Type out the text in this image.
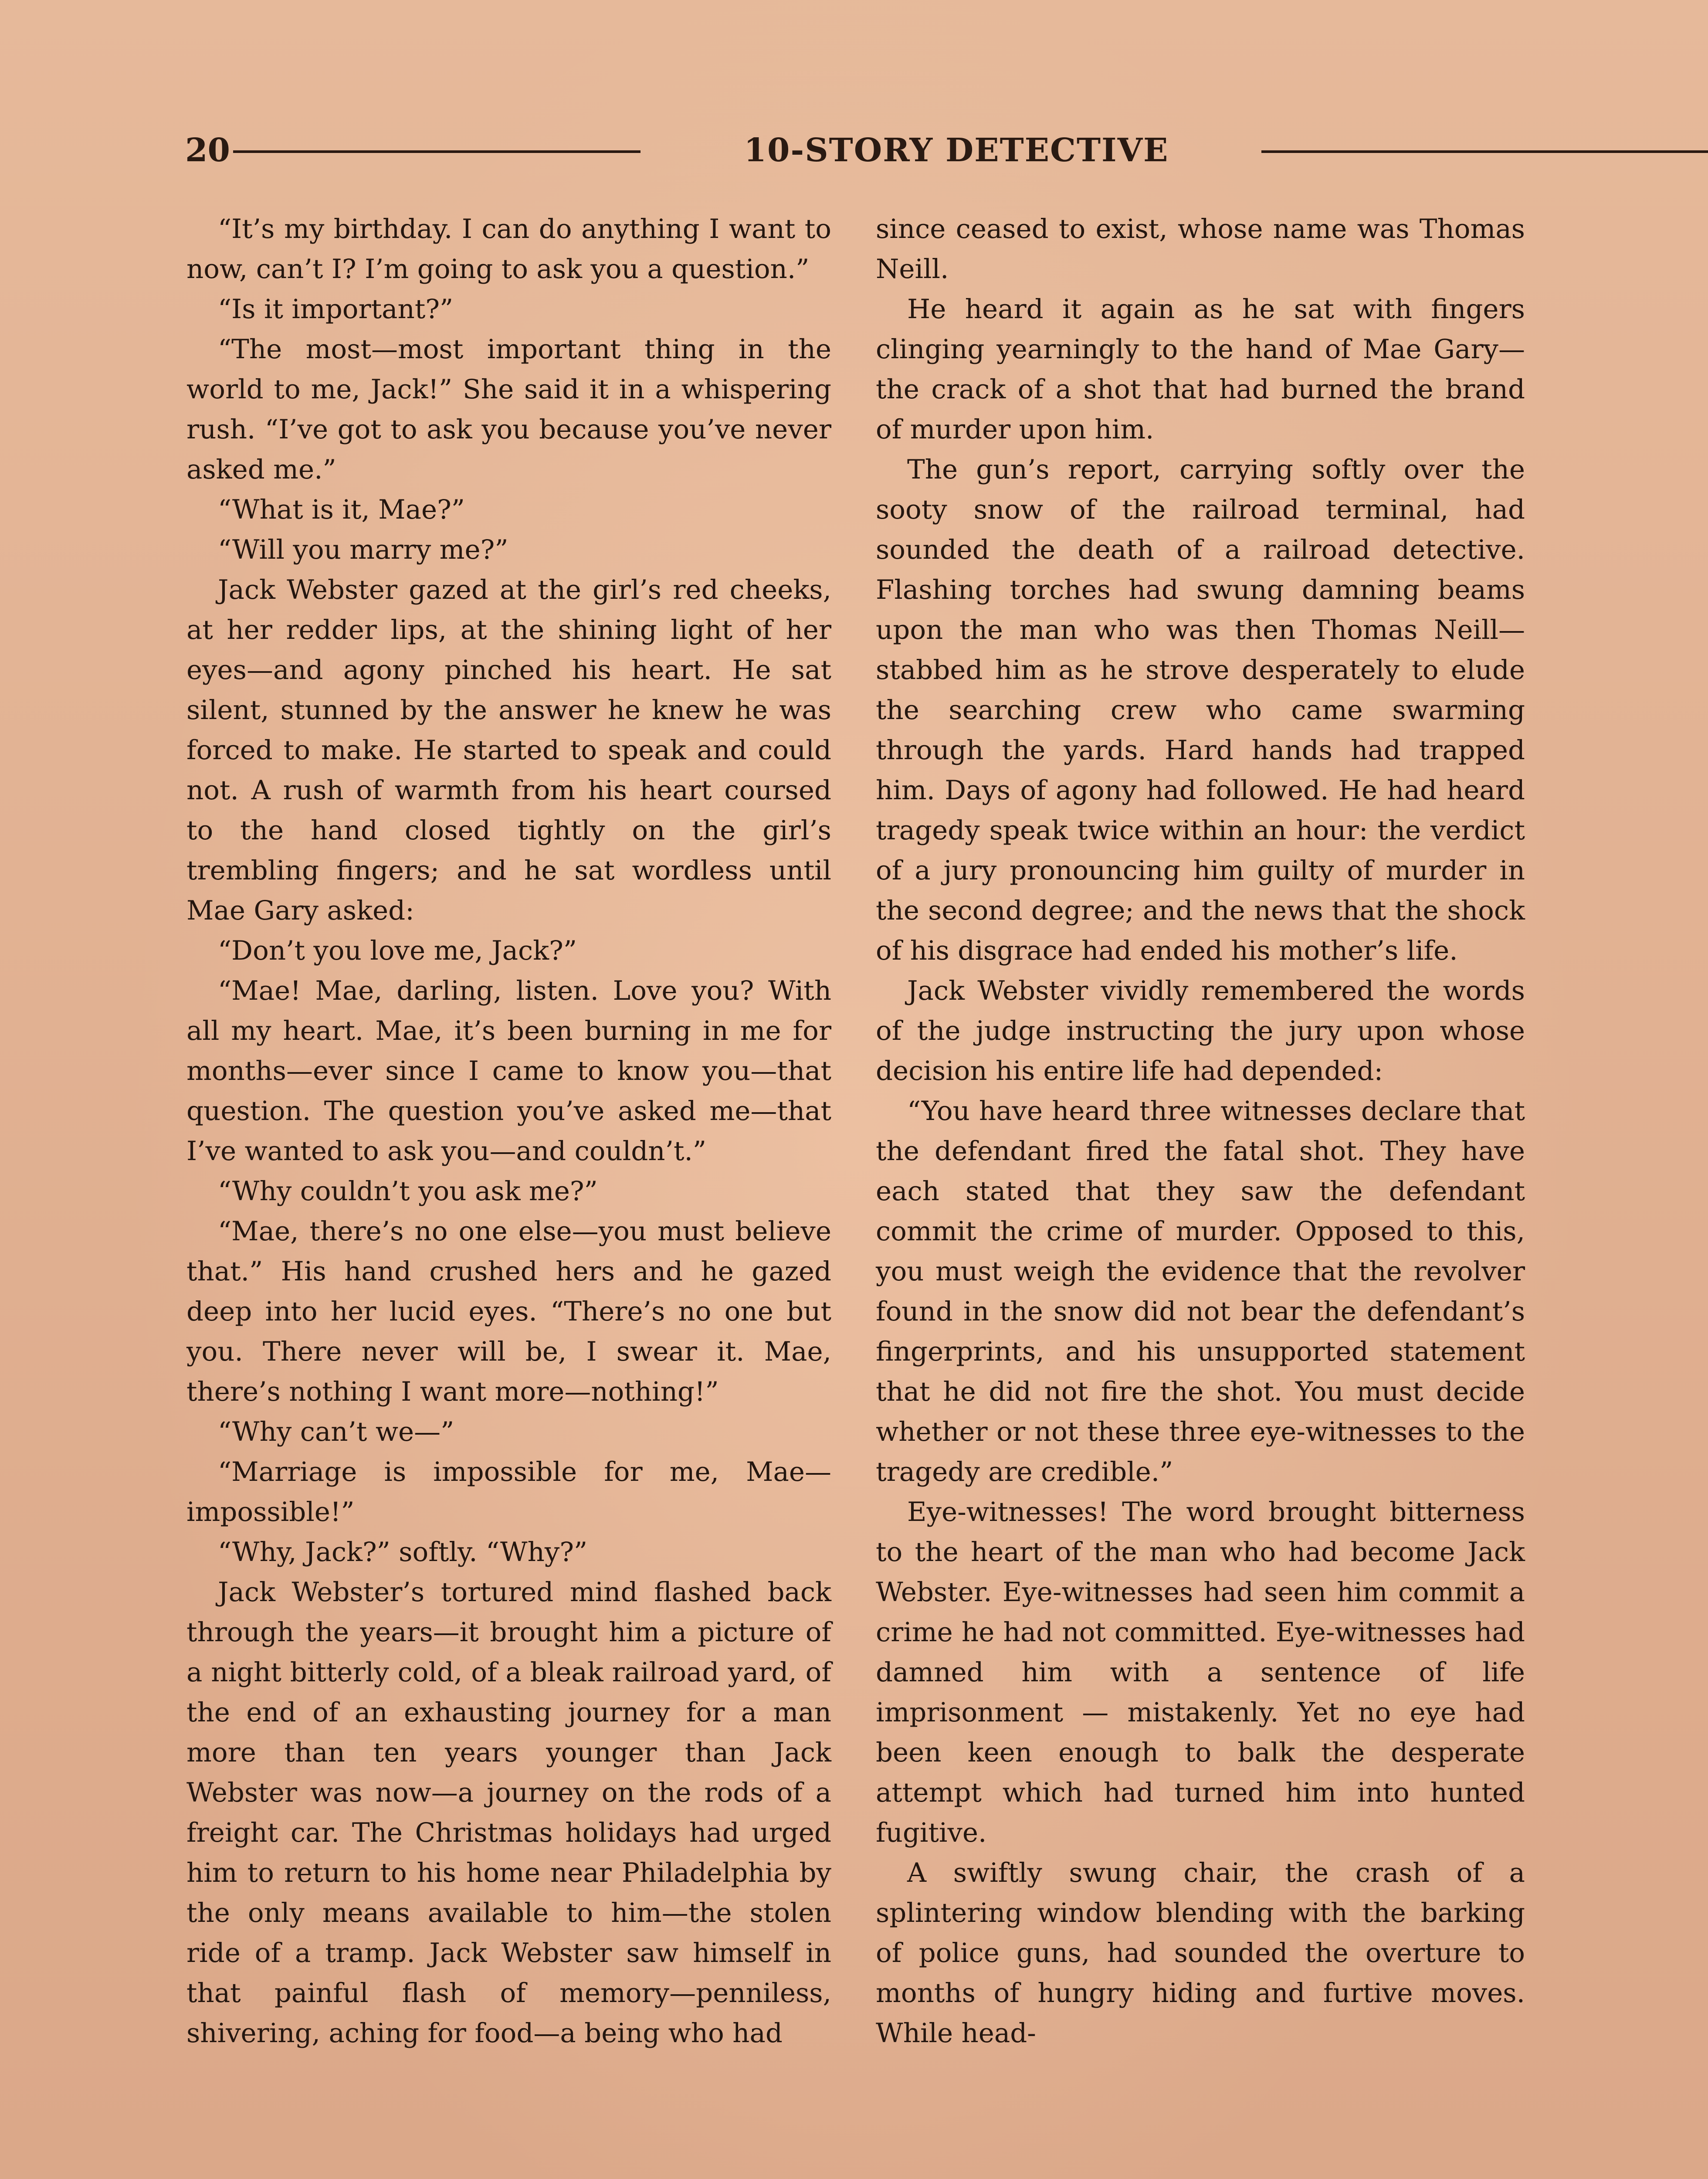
20	10-STORY DETECTIVE

“It’s my birthday. I can do anything I want to now, can’t I? I’m going to ask you a question.”

“Is it important?”

“The most—most important thing in the world to me, Jack!” She said it in a whispering rush. “I’ve got to ask you because you’ve never asked me.”

“What is it, Mae?”

“Will you marry me?”

Jack Webster gazed at the girl’s red cheeks, at her redder lips, at the shining light of her eyes—and agony pinched his heart. He sat silent, stunned by the answer he knew he was forced to make. He started to speak and could not. A rush of warmth from his heart coursed to the hand closed tightly on the girl’s trembling fingers; and he sat wordless until Mae Gary asked:

“Don’t you love me, Jack?”

“Mae! Mae, darling, listen. Love you? With all my heart. Mae, it’s been burning in me for months—ever since I came to know you—that question. The question you’ve asked me—that I’ve wanted to ask you—and couldn’t.”

“Why couldn’t you ask me?”

“Mae, there’s no one else—you must believe that.” His hand crushed hers and he gazed deep into her lucid eyes. “There’s no one but you. There never will be, I swear it. Mae, there’s nothing I want more—nothing!”

“Why can’t we—”

“Marriage is impossible for me, Mae—impossible!”

“Why, Jack?” softly. “Why?”

Jack Webster’s tortured mind flashed back through the years—it brought him a picture of a night bitterly cold, of a bleak railroad yard, of the end of an exhausting journey for a man more than ten years younger than Jack Webster was now—a journey on the rods of a freight car. The Christmas holidays had urged him to return to his home near Philadelphia by the only means available to him—the stolen ride of a tramp. Jack Webster saw himself in that painful flash of memory—penniless, shivering, aching for food—a being who had

since ceased to exist, whose name was Thomas Neill.

He heard it again as he sat with fingers clinging yearningly to the hand of Mae Gary—the crack of a shot that had burned the brand of murder upon him.

The gun’s report, carrying softly over the sooty snow of the railroad terminal, had sounded the death of a railroad detective. Flashing torches had swung damning beams upon the man who was then Thomas Neill—stabbed him as he strove desperately to elude the searching crew who came swarming through the yards. Hard hands had trapped him. Days of agony had followed. He had heard tragedy speak twice within an hour: the verdict of a jury pronouncing him guilty of murder in the second degree; and the news that the shock of his disgrace had ended his mother’s life.

Jack Webster vividly remembered the words of the judge instructing the jury upon whose decision his entire life had depended:

“You have heard three witnesses declare that the defendant fired the fatal shot. They have each stated that they saw the defendant commit the crime of murder. Opposed to this, you must weigh the evidence that the revolver found in the snow did not bear the defendant’s fingerprints, and his unsupported statement that he did not fire the shot. You must decide whether or not these three eye-witnesses to the tragedy are credible.”

Eye-witnesses! The word brought bitterness to the heart of the man who had become Jack Webster. Eye-witnesses had seen him commit a crime he had not committed. Eye-witnesses had damned him with a sentence of life imprisonment — mistakenly. Yet no eye had been keen enough to balk the desperate attempt which had turned him into hunted fugitive.

A swiftly swung chair, the crash of a splintering window blending with the barking of police guns, had sounded the overture to months of hungry hiding and furtive moves. While head-
